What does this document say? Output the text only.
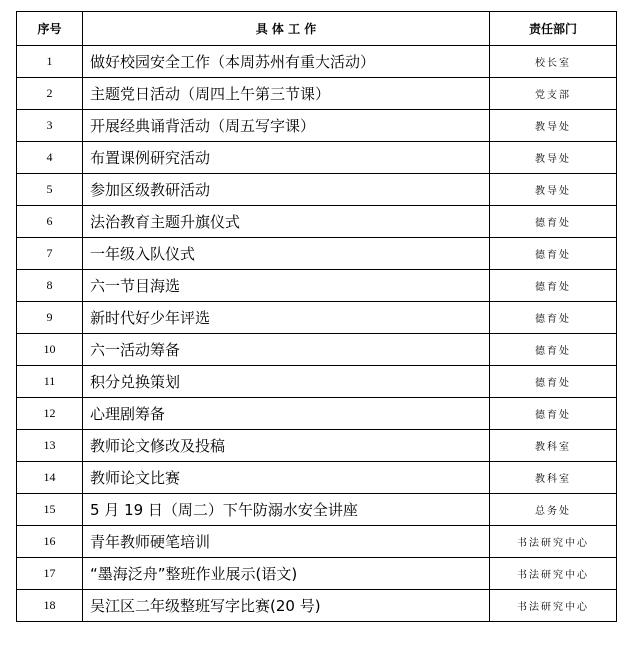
序号	具 体 工 作	责任部门
1	做好校园安全工作（本周苏州有重大活动）	校长室
2	主题党日活动（周四上午第三节课）	党支部
3	开展经典诵背活动（周五写字课）	教导处
4	布置课例研究活动	教导处
5	参加区级教研活动	教导处
6	法治教育主题升旗仪式	德育处
7	一年级入队仪式	德育处
8	六一节目海选	德育处
9	新时代好少年评选	德育处
10	六一活动筹备	德育处
11	积分兑换策划	德育处
12	心理剧筹备	德育处
13	教师论文修改及投稿	教科室
14	教师论文比赛	教科室
15	5 月 19 日（周二）下午防溺水安全讲座	总务处
16	青年教师硬笔培训	书法研究中心
17	“墨海泛舟”整班作业展示(语文)	书法研究中心
18	吴江区二年级整班写字比赛(20 号)	书法研究中心
